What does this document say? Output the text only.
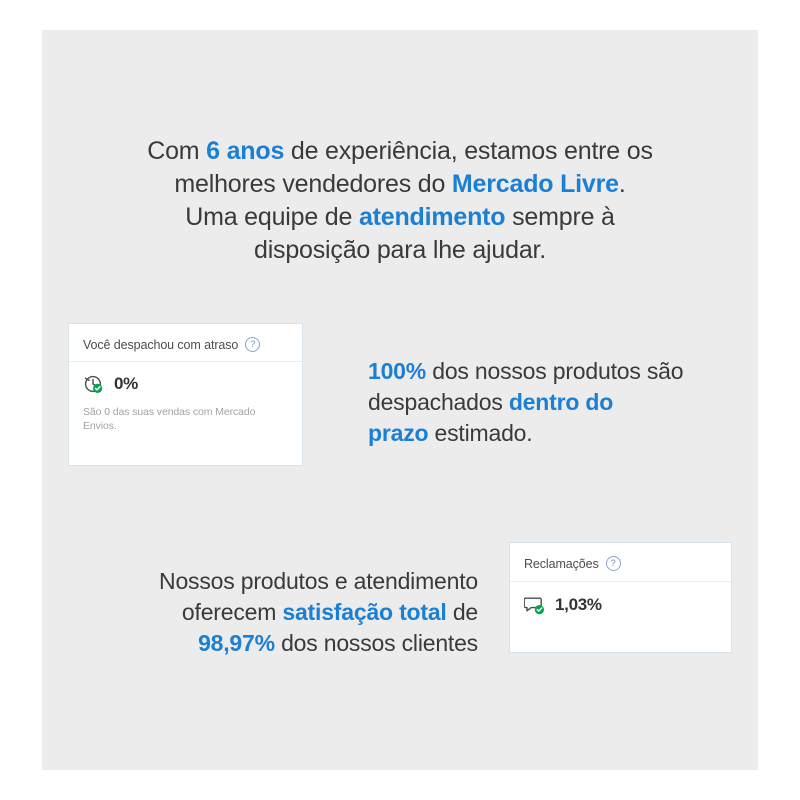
Com 6 anos de experiência, estamos entre os
melhores vendedores do Mercado Livre.
Uma equipe de atendimento sempre à
disposição para lhe ajudar.
Você despachou com atraso	?
0%
São 0 das suas vendas com Mercado Envios.
100% dos nossos produtos são
despachados dentro do
prazo estimado.
Nossos produtos e atendimento
oferecem satisfação total de
98,97% dos nossos clientes
Reclamações	?
1,03%
